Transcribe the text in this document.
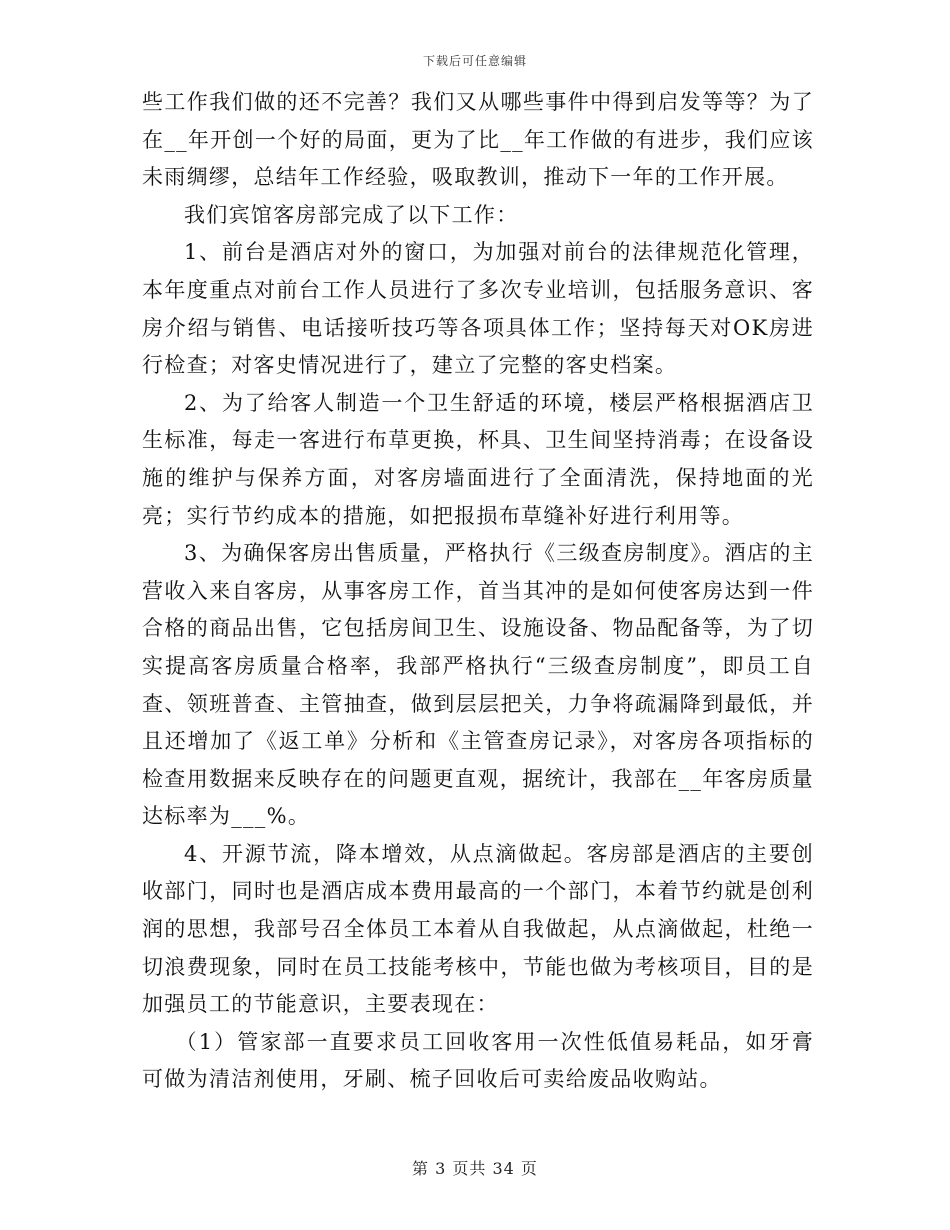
下载后可任意编辑

些工作我们做的还不完善？我们又从哪些事件中得到启发等等？为了在__年开创一个好的局面，更为了比__年工作做的有进步，我们应该未雨绸缪，总结年工作经验，吸取教训，推动下一年的工作开展。

我们宾馆客房部完成了以下工作：

1、前台是酒店对外的窗口，为加强对前台的法律规范化管理，本年度重点对前台工作人员进行了多次专业培训，包括服务意识、客房介绍与销售、电话接听技巧等各项具体工作；坚持每天对OK房进行检查；对客史情况进行了，建立了完整的客史档案。

2、为了给客人制造一个卫生舒适的环境，楼层严格根据酒店卫生标准，每走一客进行布草更换，杯具、卫生间坚持消毒；在设备设施的维护与保养方面，对客房墙面进行了全面清洗，保持地面的光亮；实行节约成本的措施，如把报损布草缝补好进行利用等。

3、为确保客房出售质量，严格执行《三级查房制度》。酒店的主营收入来自客房，从事客房工作，首当其冲的是如何使客房达到一件合格的商品出售，它包括房间卫生、设施设备、物品配备等，为了切实提高客房质量合格率，我部严格执行“三级查房制度”，即员工自查、领班普查、主管抽查，做到层层把关，力争将疏漏降到最低，并且还增加了《返工单》分析和《主管查房记录》，对客房各项指标的检查用数据来反映存在的问题更直观，据统计，我部在__年客房质量达标率为___%。

4、开源节流，降本增效，从点滴做起。客房部是酒店的主要创收部门，同时也是酒店成本费用最高的一个部门，本着节约就是创利润的思想，我部号召全体员工本着从自我做起，从点滴做起，杜绝一切浪费现象，同时在员工技能考核中，节能也做为考核项目，目的是加强员工的节能意识，主要表现在：

（1）管家部一直要求员工回收客用一次性低值易耗品，如牙膏可做为清洁剂使用，牙刷、梳子回收后可卖给废品收购站。

第 3 页共 34 页
